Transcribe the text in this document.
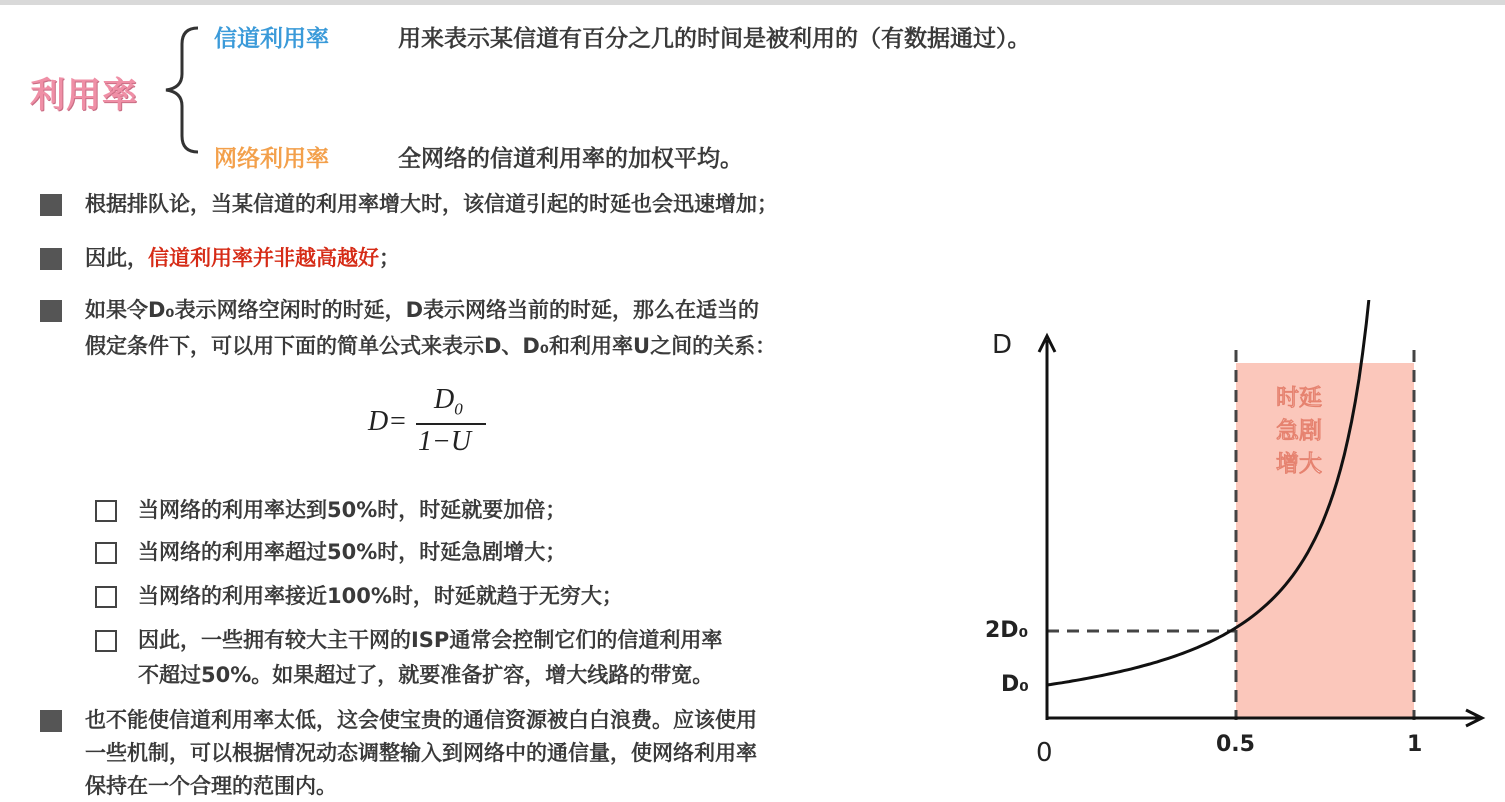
利用率
信道利用率	用来表示某信道有百分之几的时间是被利用的（有数据通过）。
网络利用率	全网络的信道利用率的加权平均。
根据排队论，当某信道的利用率增大时，该信道引起的时延也会迅速增加；
因此，信道利用率并非越高越好；
如果令D₀表示网络空闲时的时延，D表示网络当前的时延，那么在适当的
假定条件下，可以用下面的简单公式来表示D、D₀和利用率U之间的关系：
D=
$D_0$
1−U
当网络的利用率达到50%时，时延就要加倍；
当网络的利用率超过50%时，时延急剧增大；
当网络的利用率接近100%时，时延就趋于无穷大；
因此，一些拥有较大主干网的ISP通常会控制它们的信道利用率
不超过50%。如果超过了，就要准备扩容，增大线路的带宽。
也不能使信道利用率太低，这会使宝贵的通信资源被白白浪费。应该使用
一些机制，可以根据情况动态调整输入到网络中的通信量，使网络利用率
保持在一个合理的范围内。
D
2D₀
D₀
0	0.5	1
时延
急剧
增大
